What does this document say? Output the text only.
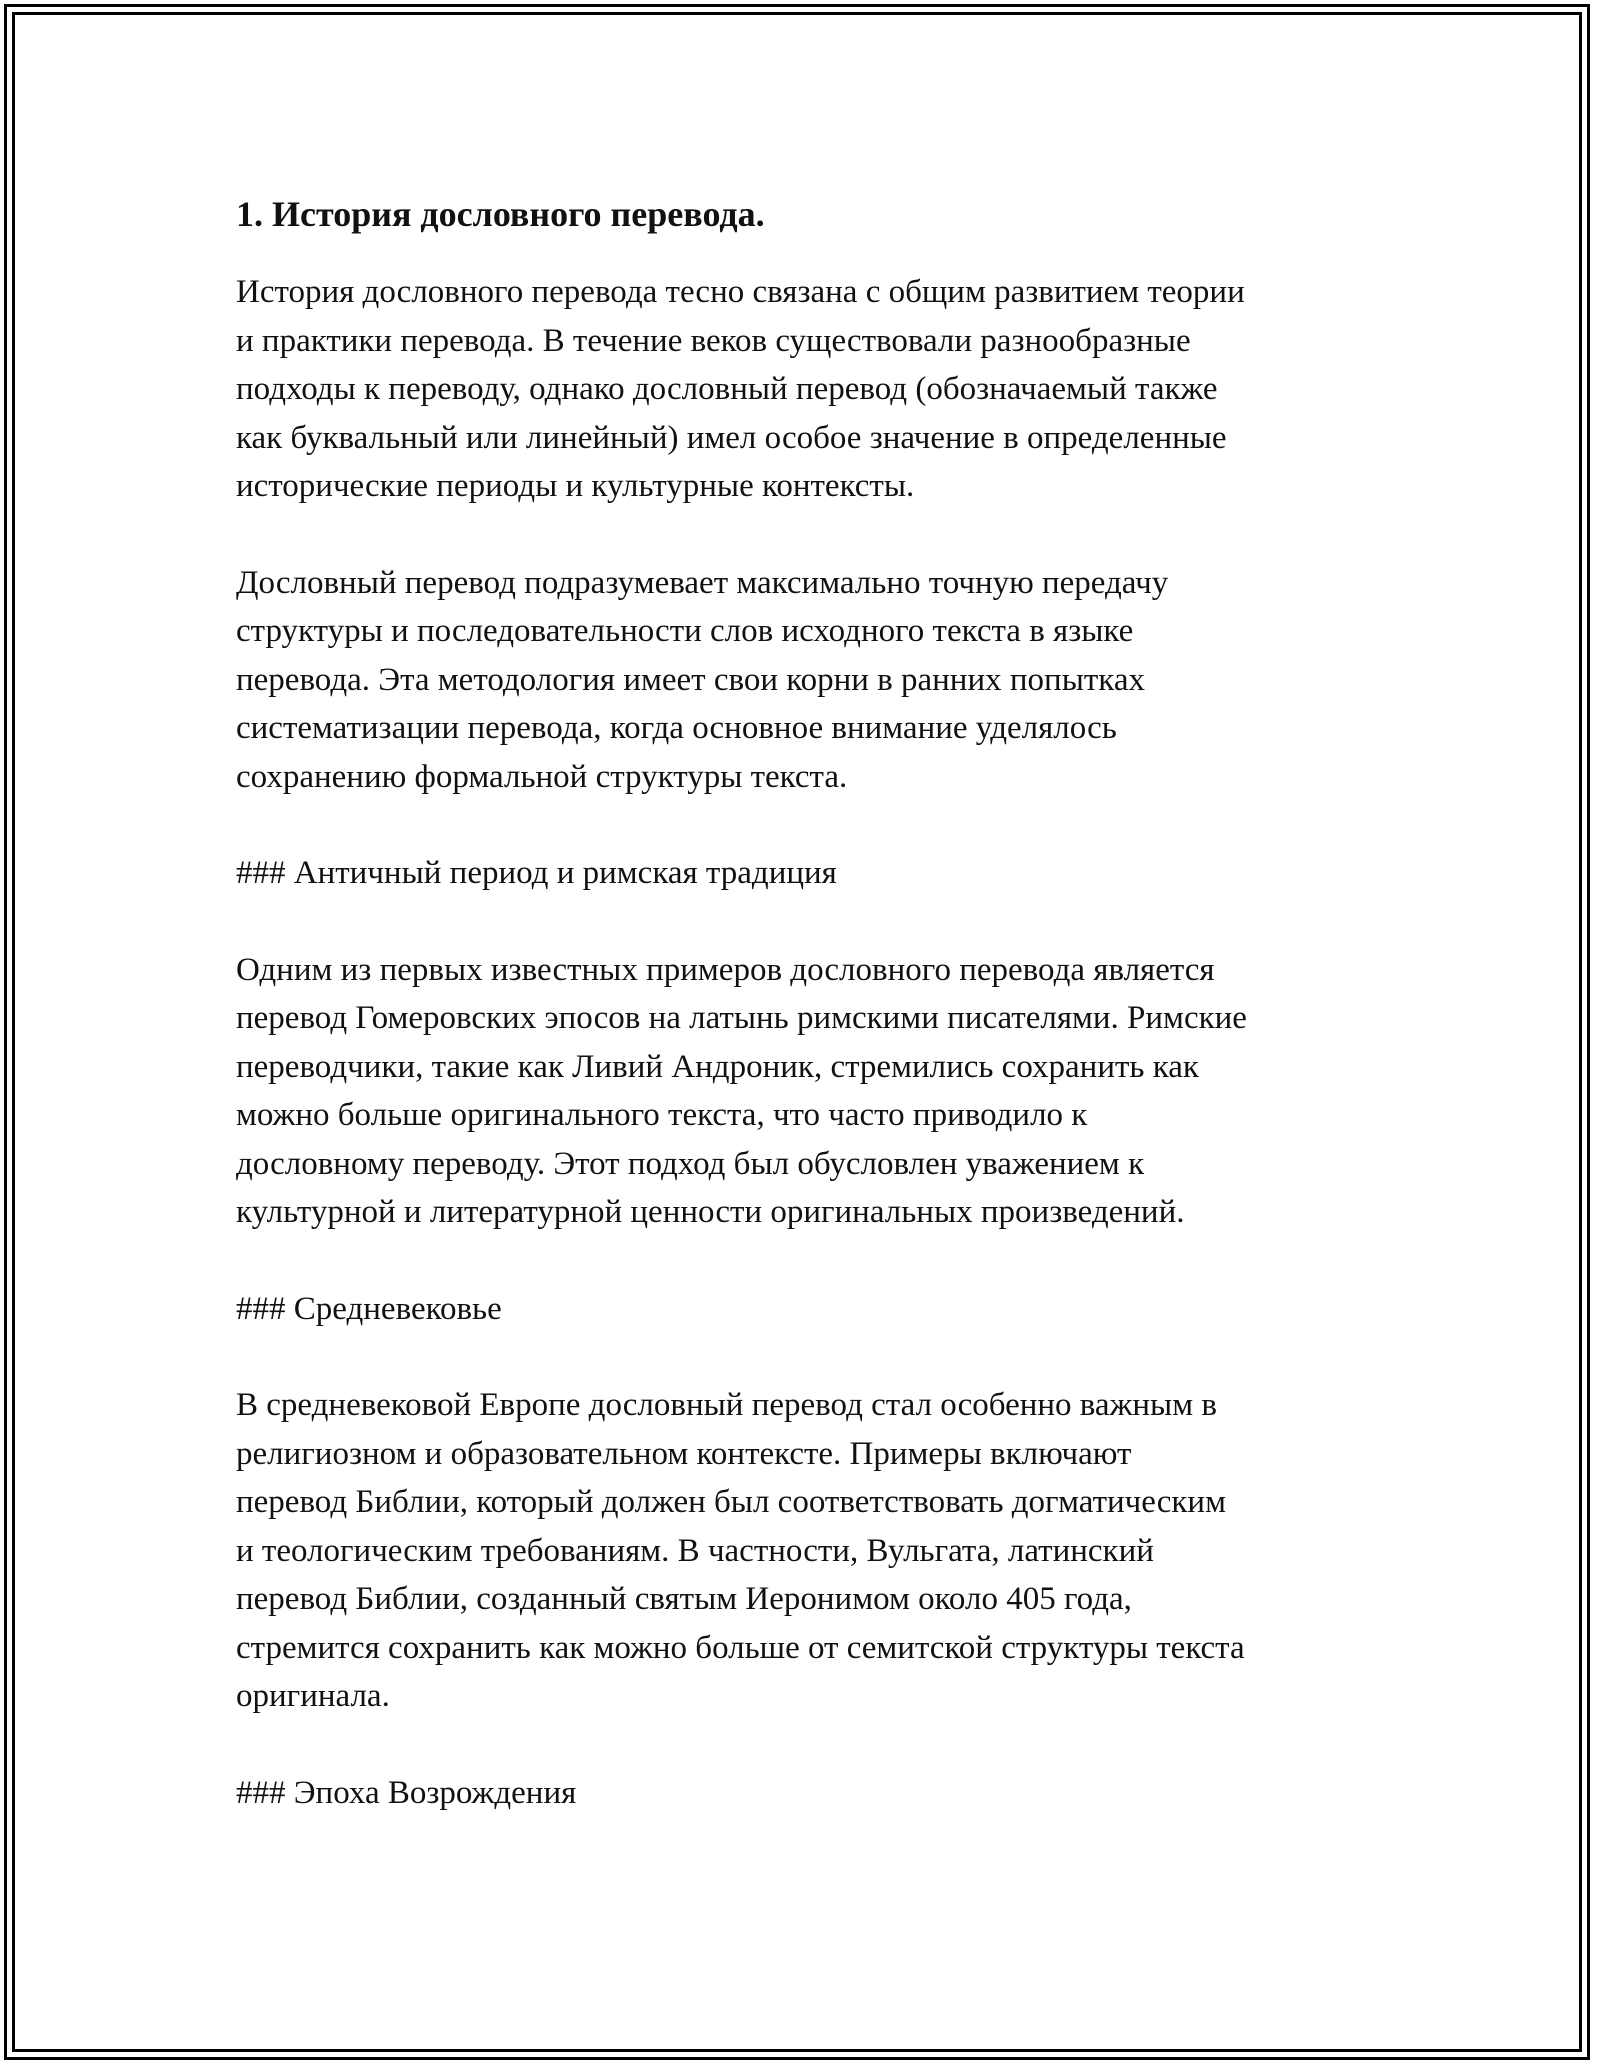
1. История дословного перевода.
История дословного перевода тесно связана с общим развитием теории
и практики перевода. В течение веков существовали разнообразные
подходы к переводу, однако дословный перевод (обозначаемый также
как буквальный или линейный) имел особое значение в определенные
исторические периоды и культурные контексты.
Дословный перевод подразумевает максимально точную передачу
структуры и последовательности слов исходного текста в языке
перевода. Эта методология имеет свои корни в ранних попытках
систематизации перевода, когда основное внимание уделялось
сохранению формальной структуры текста.
### Античный период и римская традиция
Одним из первых известных примеров дословного перевода является
перевод Гомеровских эпосов на латынь римскими писателями. Римские
переводчики, такие как Ливий Андроник, стремились сохранить как
можно больше оригинального текста, что часто приводило к
дословному переводу. Этот подход был обусловлен уважением к
культурной и литературной ценности оригинальных произведений.
### Средневековье
В средневековой Европе дословный перевод стал особенно важным в
религиозном и образовательном контексте. Примеры включают
перевод Библии, который должен был соответствовать догматическим
и теологическим требованиям. В частности, Вульгата, латинский
перевод Библии, созданный святым Иеронимом около 405 года,
стремится сохранить как можно больше от семитской структуры текста
оригинала.
### Эпоха Возрождения
